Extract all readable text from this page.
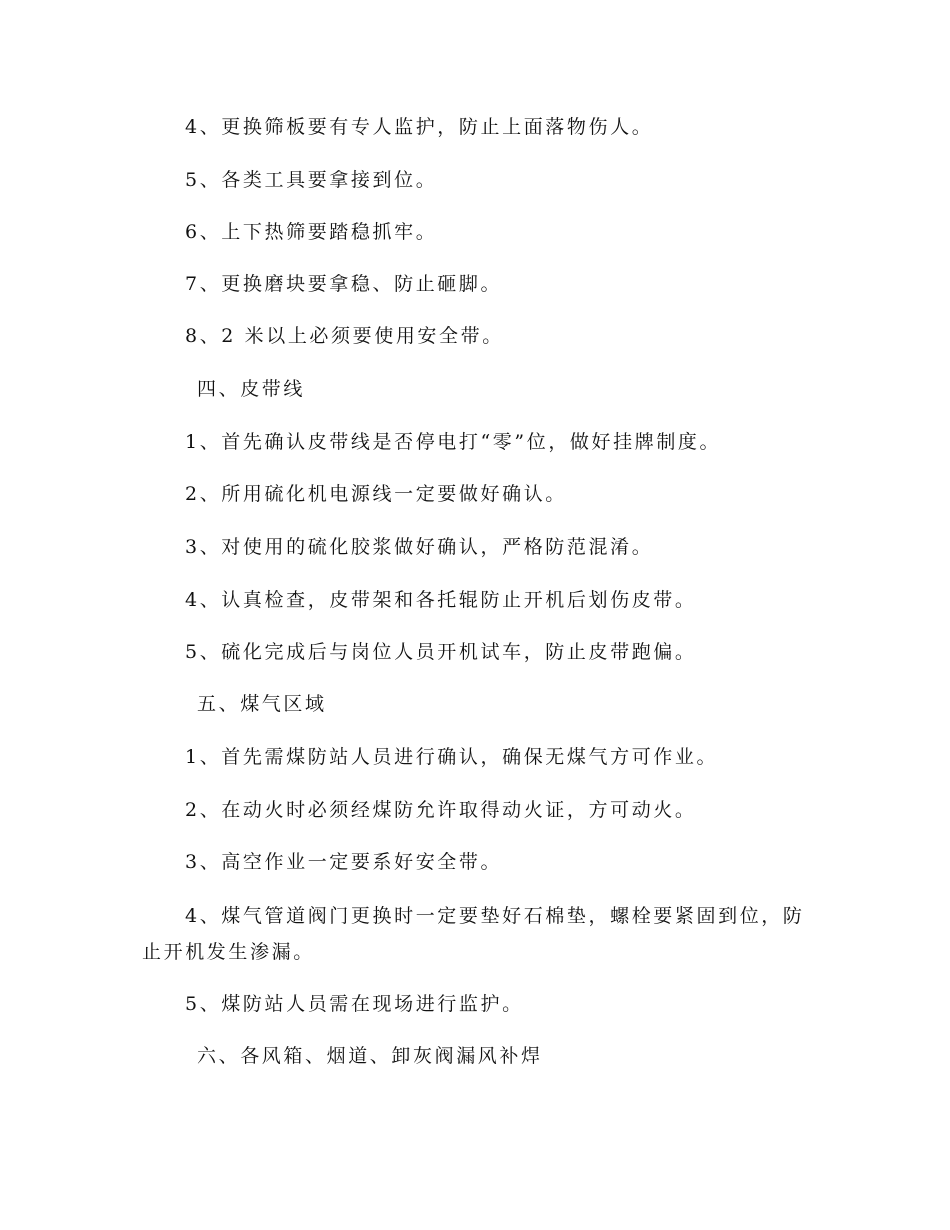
4、更换筛板要有专人监护，防止上面落物伤人。
5、各类工具要拿接到位。
6、上下热筛要踏稳抓牢。
7、更换磨块要拿稳、防止砸脚。
8、2 米以上必须要使用安全带。
四、皮带线
1、首先确认皮带线是否停电打“零”位，做好挂牌制度。
2、所用硫化机电源线一定要做好确认。
3、对使用的硫化胶浆做好确认，严格防范混淆。
4、认真检查，皮带架和各托辊防止开机后划伤皮带。
5、硫化完成后与岗位人员开机试车，防止皮带跑偏。
五、煤气区域
1、首先需煤防站人员进行确认，确保无煤气方可作业。
2、在动火时必须经煤防允许取得动火证，方可动火。
3、高空作业一定要系好安全带。
4、煤气管道阀门更换时一定要垫好石棉垫，螺栓要紧固到位，防
止开机发生渗漏。
5、煤防站人员需在现场进行监护。
六、各风箱、烟道、卸灰阀漏风补焊
